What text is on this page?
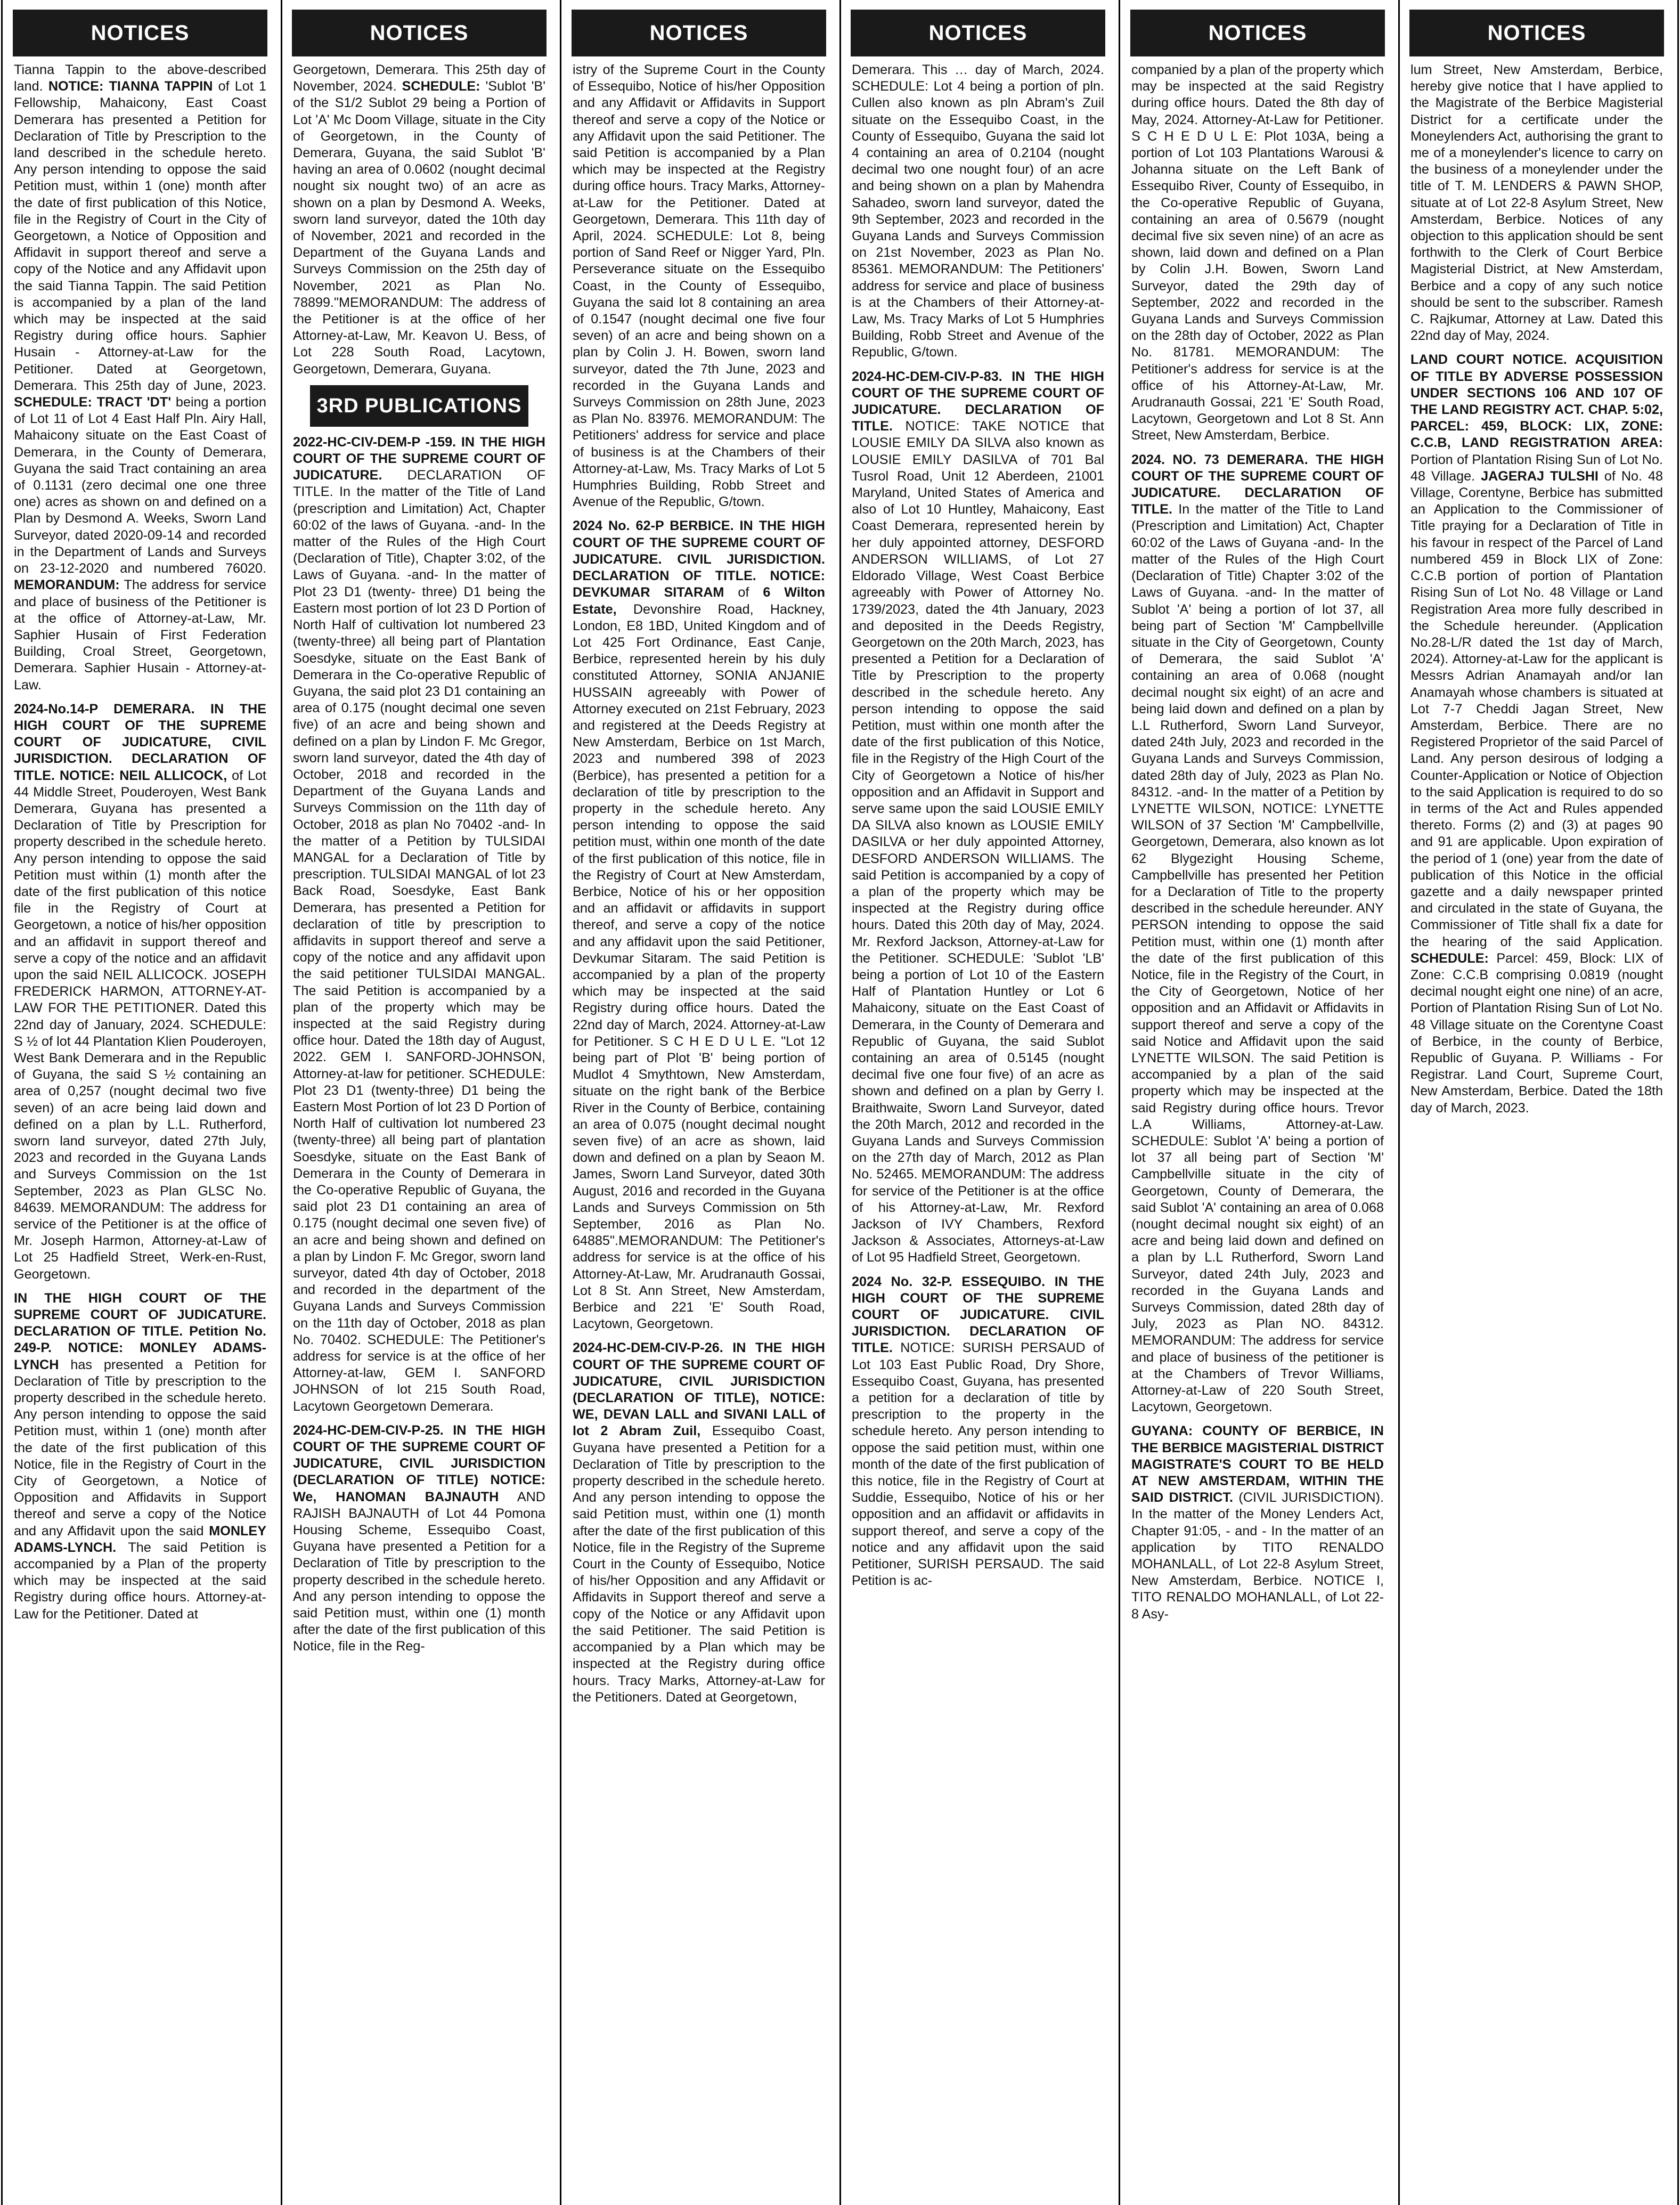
NOTICES

Tianna Tappin to the above-described land. NOTICE: TIANNA TAPPIN of Lot 1 Fellowship, Mahaicony, East Coast Demerara has presented a Petition for Declaration of Title by Prescription to the land described in the schedule hereto. Any person intending to oppose the said Petition must, within 1 (one) month after the date of first publication of this Notice, file in the Registry of Court in the City of Georgetown, a Notice of Opposition and Affidavit in support thereof and serve a copy of the Notice and any Affidavit upon the said Tianna Tappin. The said Petition is accompanied by a plan of the land which may be inspected at the said Registry during office hours. Saphier Husain - Attorney-at-Law for the Petitioner. Dated at Georgetown, Demerara. This 25th day of June, 2023. SCHEDULE: TRACT 'DT' being a portion of Lot 11 of Lot 4 East Half Pln. Airy Hall, Mahaicony situate on the East Coast of Demerara, in the County of Demerara, Guyana the said Tract containing an area of 0.1131 (zero decimal one one three one) acres as shown on and defined on a Plan by Desmond A. Weeks, Sworn Land Surveyor, dated 2020-09-14 and recorded in the Department of Lands and Surveys on 23-12-2020 and numbered 76020. MEMORANDUM: The address for service and place of business of the Petitioner is at the office of Attorney-at-Law, Mr. Saphier Husain of First Federation Building, Croal Street, Georgetown, Demerara. Saphier Husain - Attorney-at-Law.

2024-No.14-P DEMERARA. IN THE HIGH COURT OF THE SUPREME COURT OF JUDICATURE, CIVIL JURISDICTION. DECLARATION OF TITLE. NOTICE: NEIL ALLICOCK, of Lot 44 Middle Street, Pouderoyen, West Bank Demerara, Guyana has presented a Declaration of Title by Prescription for property described in the schedule hereto. Any person intending to oppose the said Petition must within (1) month after the date of the first publication of this notice file in the Registry of Court at Georgetown, a notice of his/her opposition and an affidavit in support thereof and serve a copy of the notice and an affidavit upon the said NEIL ALLICOCK. JOSEPH FREDERICK HARMON, ATTORNEY-AT-LAW FOR THE PETITIONER. Dated this 22nd day of January, 2024. SCHEDULE: S ½ of lot 44 Plantation Klien Pouderoyen, West Bank Demerara and in the Republic of Guyana, the said S ½ containing an area of 0,257 (nought decimal two five seven) of an acre being laid down and defined on a plan by L.L. Rutherford, sworn land surveyor, dated 27th July, 2023 and recorded in the Guyana Lands and Surveys Commission on the 1st September, 2023 as Plan GLSC No. 84639. MEMORANDUM: The address for service of the Petitioner is at the office of Mr. Joseph Harmon, Attorney-at-Law of Lot 25 Hadfield Street, Werk-en-Rust, Georgetown.

IN THE HIGH COURT OF THE SUPREME COURT OF JUDICATURE. DECLARATION OF TITLE. Petition No. 249-P. NOTICE: MONLEY ADAMS-LYNCH has presented a Petition for Declaration of Title by prescription to the property described in the schedule hereto. Any person intending to oppose the said Petition must, within 1 (one) month after the date of the first publication of this Notice, file in the Registry of Court in the City of Georgetown, a Notice of Opposition and Affidavits in Support thereof and serve a copy of the Notice and any Affidavit upon the said MONLEY ADAMS-LYNCH. The said Petition is accompanied by a Plan of the property which may be inspected at the said Registry during office hours. Attorney-at-Law for the Petitioner. Dated at

NOTICES

Georgetown, Demerara. This 25th day of November, 2024. SCHEDULE: 'Sublot 'B' of the S1/2 Sublot 29 being a Portion of Lot 'A' Mc Doom Village, situate in the City of Georgetown, in the County of Demerara, Guyana, the said Sublot 'B' having an area of 0.0602 (nought decimal nought six nought two) of an acre as shown on a plan by Desmond A. Weeks, sworn land surveyor, dated the 10th day of November, 2021 and recorded in the Department of the Guyana Lands and Surveys Commission on the 25th day of November, 2021 as Plan No. 78899."MEMORANDUM: The address of the Petitioner is at the office of her Attorney-at-Law, Mr. Keavon U. Bess, of Lot 228 South Road, Lacytown, Georgetown, Demerara, Guyana.

3RD PUBLICATIONS

2022-HC-CIV-DEM-P -159. IN THE HIGH COURT OF THE SUPREME COURT OF JUDICATURE. DECLARATION OF TITLE. In the matter of the Title of Land (prescription and Limitation) Act, Chapter 60:02 of the laws of Guyana. -and- In the matter of the Rules of the High Court (Declaration of Title), Chapter 3:02, of the Laws of Guyana. -and- In the matter of Plot 23 D1 (twenty- three) D1 being the Eastern most portion of lot 23 D Portion of North Half of cultivation lot numbered 23 (twenty-three) all being part of Plantation Soesdyke, situate on the East Bank of Demerara in the Co-operative Republic of Guyana, the said plot 23 D1 containing an area of 0.175 (nought decimal one seven five) of an acre and being shown and defined on a plan by Lindon F. Mc Gregor, sworn land surveyor, dated the 4th day of October, 2018 and recorded in the Department of the Guyana Lands and Surveys Commission on the 11th day of October, 2018 as plan No 70402 -and- In the matter of a Petition by TULSIDAI MANGAL for a Declaration of Title by prescription. TULSIDAI MANGAL of lot 23 Back Road, Soesdyke, East Bank Demerara, has presented a Petition for declaration of title by prescription to affidavits in support thereof and serve a copy of the notice and any affidavit upon the said petitioner TULSIDAI MANGAL. The said Petition is accompanied by a plan of the property which may be inspected at the said Registry during office hour. Dated the 18th day of August, 2022. GEM I. SANFORD-JOHNSON, Attorney-at-law for petitioner. SCHEDULE: Plot 23 D1 (twenty-three) D1 being the Eastern Most Portion of lot 23 D Portion of North Half of cultivation lot numbered 23 (twenty-three) all being part of plantation Soesdyke, situate on the East Bank of Demerara in the County of Demerara in the Co-operative Republic of Guyana, the said plot 23 D1 containing an area of 0.175 (nought decimal one seven five) of an acre and being shown and defined on a plan by Lindon F. Mc Gregor, sworn land surveyor, dated 4th day of October, 2018 and recorded in the department of the Guyana Lands and Surveys Commission on the 11th day of October, 2018 as plan No. 70402. SCHEDULE: The Petitioner's address for service is at the office of her Attorney-at-law, GEM I. SANFORD JOHNSON of lot 215 South Road, Lacytown Georgetown Demerara.

2024-HC-DEM-CIV-P-25. IN THE HIGH COURT OF THE SUPREME COURT OF JUDICATURE, CIVIL JURISDICTION (DECLARATION OF TITLE) NOTICE: We, HANOMAN BAJNAUTH AND RAJISH BAJNAUTH of Lot 44 Pomona Housing Scheme, Essequibo Coast, Guyana have presented a Petition for a Declaration of Title by prescription to the property described in the schedule hereto. And any person intending to oppose the said Petition must, within one (1) month after the date of the first publication of this Notice, file in the Reg-

NOTICES

istry of the Supreme Court in the County of Essequibo, Notice of his/her Opposition and any Affidavit or Affidavits in Support thereof and serve a copy of the Notice or any Affidavit upon the said Petitioner. The said Petition is accompanied by a Plan which may be inspected at the Registry during office hours. Tracy Marks, Attorney-at-Law for the Petitioner. Dated at Georgetown, Demerara. This 11th day of April, 2024. SCHEDULE: Lot 8, being portion of Sand Reef or Nigger Yard, Pln. Perseverance situate on the Essequibo Coast, in the County of Essequibo, Guyana the said lot 8 containing an area of 0.1547 (nought decimal one five four seven) of an acre and being shown on a plan by Colin J. H. Bowen, sworn land surveyor, dated the 7th June, 2023 and recorded in the Guyana Lands and Surveys Commission on 28th June, 2023 as Plan No. 83976. MEMORANDUM: The Petitioners' address for service and place of business is at the Chambers of their Attorney-at-Law, Ms. Tracy Marks of Lot 5 Humphries Building, Robb Street and Avenue of the Republic, G/town.

2024 No. 62-P BERBICE. IN THE HIGH COURT OF THE SUPREME COURT OF JUDICATURE. CIVIL JURISDICTION. DECLARATION OF TITLE. NOTICE: DEVKUMAR SITARAM of 6 Wilton Estate, Devonshire Road, Hackney, London, E8 1BD, United Kingdom and of Lot 425 Fort Ordinance, East Canje, Berbice, represented herein by his duly constituted Attorney, SONIA ANJANIE HUSSAIN agreeably with Power of Attorney executed on 21st February, 2023 and registered at the Deeds Registry at New Amsterdam, Berbice on 1st March, 2023 and numbered 398 of 2023 (Berbice), has presented a petition for a declaration of title by prescription to the property in the schedule hereto. Any person intending to oppose the said petition must, within one month of the date of the first publication of this notice, file in the Registry of Court at New Amsterdam, Berbice, Notice of his or her opposition and an affidavit or affidavits in support thereof, and serve a copy of the notice and any affidavit upon the said Petitioner, Devkumar Sitaram. The said Petition is accompanied by a plan of the property which may be inspected at the said Registry during office hours. Dated the 22nd day of March, 2024. Attorney-at-Law for Petitioner. S C H E D U L E. "Lot 12 being part of Plot 'B' being portion of Mudlot 4 Smythtown, New Amsterdam, situate on the right bank of the Berbice River in the County of Berbice, containing an area of 0.075 (nought decimal nought seven five) of an acre as shown, laid down and defined on a plan by Seaon M. James, Sworn Land Surveyor, dated 30th August, 2016 and recorded in the Guyana Lands and Surveys Commission on 5th September, 2016 as Plan No. 64885".MEMORANDUM: The Petitioner's address for service is at the office of his Attorney-At-Law, Mr. Arudranauth Gossai, Lot 8 St. Ann Street, New Amsterdam, Berbice and 221 'E' South Road, Lacytown, Georgetown.

2024-HC-DEM-CIV-P-26. IN THE HIGH COURT OF THE SUPREME COURT OF JUDICATURE, CIVIL JURISDICTION (DECLARATION OF TITLE), NOTICE: WE, DEVAN LALL and SIVANI LALL of lot 2 Abram Zuil, Essequibo Coast, Guyana have presented a Petition for a Declaration of Title by prescription to the property described in the schedule hereto. And any person intending to oppose the said Petition must, within one (1) month after the date of the first publication of this Notice, file in the Registry of the Supreme Court in the County of Essequibo, Notice of his/her Opposition and any Affidavit or Affidavits in Support thereof and serve a copy of the Notice or any Affidavit upon the said Petitioner. The said Petition is accompanied by a Plan which may be inspected at the Registry during office hours. Tracy Marks, Attorney-at-Law for the Petitioners. Dated at Georgetown,

NOTICES

Demerara. This … day of March, 2024. SCHEDULE: Lot 4 being a portion of pln. Cullen also known as pln Abram's Zuil situate on the Essequibo Coast, in the County of Essequibo, Guyana the said lot 4 containing an area of 0.2104 (nought decimal two one nought four) of an acre and being shown on a plan by Mahendra Sahadeo, sworn land surveyor, dated the 9th September, 2023 and recorded in the Guyana Lands and Surveys Commission on 21st November, 2023 as Plan No. 85361. MEMORANDUM: The Petitioners' address for service and place of business is at the Chambers of their Attorney-at-Law, Ms. Tracy Marks of Lot 5 Humphries Building, Robb Street and Avenue of the Republic, G/town.

2024-HC-DEM-CIV-P-83. IN THE HIGH COURT OF THE SUPREME COURT OF JUDICATURE. DECLARATION OF TITLE. NOTICE: TAKE NOTICE that LOUSIE EMILY DA SILVA also known as LOUSIE EMILY DASILVA of 701 Bal Tusrol Road, Unit 12 Aberdeen, 21001 Maryland, United States of America and also of Lot 10 Huntley, Mahaicony, East Coast Demerara, represented herein by her duly appointed attorney, DESFORD ANDERSON WILLIAMS, of Lot 27 Eldorado Village, West Coast Berbice agreeably with Power of Attorney No. 1739/2023, dated the 4th January, 2023 and deposited in the Deeds Registry, Georgetown on the 20th March, 2023, has presented a Petition for a Declaration of Title by Prescription to the property described in the schedule hereto. Any person intending to oppose the said Petition, must within one month after the date of the first publication of this Notice, file in the Registry of the High Court of the City of Georgetown a Notice of his/her opposition and an Affidavit in Support and serve same upon the said LOUSIE EMILY DA SILVA also known as LOUSIE EMILY DASILVA or her duly appointed Attorney, DESFORD ANDERSON WILLIAMS. The said Petition is accompanied by a copy of a plan of the property which may be inspected at the Registry during office hours. Dated this 20th day of May, 2024. Mr. Rexford Jackson, Attorney-at-Law for the Petitioner. SCHEDULE: 'Sublot 'LB' being a portion of Lot 10 of the Eastern Half of Plantation Huntley or Lot 6 Mahaicony, situate on the East Coast of Demerara, in the County of Demerara and Republic of Guyana, the said Sublot containing an area of 0.5145 (nought decimal five one four five) of an acre as shown and defined on a plan by Gerry I. Braithwaite, Sworn Land Surveyor, dated the 20th March, 2012 and recorded in the Guyana Lands and Surveys Commission on the 27th day of March, 2012 as Plan No. 52465. MEMORANDUM: The address for service of the Petitioner is at the office of his Attorney-at-Law, Mr. Rexford Jackson of IVY Chambers, Rexford Jackson & Associates, Attorneys-at-Law of Lot 95 Hadfield Street, Georgetown.

2024 No. 32-P. ESSEQUIBO. IN THE HIGH COURT OF THE SUPREME COURT OF JUDICATURE. CIVIL JURISDICTION. DECLARATION OF TITLE. NOTICE: SURISH PERSAUD of Lot 103 East Public Road, Dry Shore, Essequibo Coast, Guyana, has presented a petition for a declaration of title by prescription to the property in the schedule hereto. Any person intending to oppose the said petition must, within one month of the date of the first publication of this notice, file in the Registry of Court at Suddie, Essequibo, Notice of his or her opposition and an affidavit or affidavits in support thereof, and serve a copy of the notice and any affidavit upon the said Petitioner, SURISH PERSAUD. The said Petition is ac-

NOTICES

companied by a plan of the property which may be inspected at the said Registry during office hours. Dated the 8th day of May, 2024. Attorney-At-Law for Petitioner. S C H E D U L E: Plot 103A, being a portion of Lot 103 Plantations Warousi & Johanna situate on the Left Bank of Essequibo River, County of Essequibo, in the Co-operative Republic of Guyana, containing an area of 0.5679 (nought decimal five six seven nine) of an acre as shown, laid down and defined on a Plan by Colin J.H. Bowen, Sworn Land Surveyor, dated the 29th day of September, 2022 and recorded in the Guyana Lands and Surveys Commission on the 28th day of October, 2022 as Plan No. 81781. MEMORANDUM: The Petitioner's address for service is at the office of his Attorney-At-Law, Mr. Arudranauth Gossai, 221 'E' South Road, Lacytown, Georgetown and Lot 8 St. Ann Street, New Amsterdam, Berbice.

2024. NO. 73 DEMERARA. THE HIGH COURT OF THE SUPREME COURT OF JUDICATURE. DECLARATION OF TITLE. In the matter of the Title to Land (Prescription and Limitation) Act, Chapter 60:02 of the Laws of Guyana -and- In the matter of the Rules of the High Court (Declaration of Title) Chapter 3:02 of the Laws of Guyana. -and- In the matter of Sublot 'A' being a portion of lot 37, all being part of Section 'M' Campbellville situate in the City of Georgetown, County of Demerara, the said Sublot 'A' containing an area of 0.068 (nought decimal nought six eight) of an acre and being laid down and defined on a plan by L.L Rutherford, Sworn Land Surveyor, dated 24th July, 2023 and recorded in the Guyana Lands and Surveys Commission, dated 28th day of July, 2023 as Plan No. 84312. -and- In the matter of a Petition by LYNETTE WILSON, NOTICE: LYNETTE WILSON of 37 Section 'M' Campbellville, Georgetown, Demerara, also known as lot 62 Blygezight Housing Scheme, Campbellville has presented her Petition for a Declaration of Title to the property described in the schedule hereunder. ANY PERSON intending to oppose the said Petition must, within one (1) month after the date of the first publication of this Notice, file in the Registry of the Court, in the City of Georgetown, Notice of her opposition and an Affidavit or Affidavits in support thereof and serve a copy of the said Notice and Affidavit upon the said LYNETTE WILSON. The said Petition is accompanied by a plan of the said property which may be inspected at the said Registry during office hours. Trevor L.A Williams, Attorney-at-Law. SCHEDULE: Sublot 'A' being a portion of lot 37 all being part of Section 'M' Campbellville situate in the city of Georgetown, County of Demerara, the said Sublot 'A' containing an area of 0.068 (nought decimal nought six eight) of an acre and being laid down and defined on a plan by L.L Rutherford, Sworn Land Surveyor, dated 24th July, 2023 and recorded in the Guyana Lands and Surveys Commission, dated 28th day of July, 2023 as Plan NO. 84312. MEMORANDUM: The address for service and place of business of the petitioner is at the Chambers of Trevor Williams, Attorney-at-Law of 220 South Street, Lacytown, Georgetown.

GUYANA: COUNTY OF BERBICE, IN THE BERBICE MAGISTERIAL DISTRICT MAGISTRATE'S COURT TO BE HELD AT NEW AMSTERDAM, WITHIN THE SAID DISTRICT. (CIVIL JURISDICTION). In the matter of the Money Lenders Act, Chapter 91:05, - and - In the matter of an application by TITO RENALDO MOHANLALL, of Lot 22-8 Asylum Street, New Amsterdam, Berbice. NOTICE I, TITO RENALDO MOHANLALL, of Lot 22-8 Asy-

NOTICES

lum Street, New Amsterdam, Berbice, hereby give notice that I have applied to the Magistrate of the Berbice Magisterial District for a certificate under the Moneylenders Act, authorising the grant to me of a moneylender's licence to carry on the business of a moneylender under the title of T. M. LENDERS & PAWN SHOP, situate at of Lot 22-8 Asylum Street, New Amsterdam, Berbice. Notices of any objection to this application should be sent forthwith to the Clerk of Court Berbice Magisterial District, at New Amsterdam, Berbice and a copy of any such notice should be sent to the subscriber. Ramesh C. Rajkumar, Attorney at Law. Dated this 22nd day of May, 2024.

LAND COURT NOTICE. ACQUISITION OF TITLE BY ADVERSE POSSESSION UNDER SECTIONS 106 AND 107 OF THE LAND REGISTRY ACT. CHAP. 5:02, PARCEL: 459, BLOCK: LIX, ZONE: C.C.B, LAND REGISTRATION AREA: Portion of Plantation Rising Sun of Lot No. 48 Village. JAGERAJ TULSHI of No. 48 Village, Corentyne, Berbice has submitted an Application to the Commissioner of Title praying for a Declaration of Title in his favour in respect of the Parcel of Land numbered 459 in Block LIX of Zone: C.C.B portion of portion of Plantation Rising Sun of Lot No. 48 Village or Land Registration Area more fully described in the Schedule hereunder. (Application No.28-L/R dated the 1st day of March, 2024). Attorney-at-Law for the applicant is Messrs Adrian Anamayah and/or Ian Anamayah whose chambers is situated at Lot 7-7 Cheddi Jagan Street, New Amsterdam, Berbice. There are no Registered Proprietor of the said Parcel of Land. Any person desirous of lodging a Counter-Application or Notice of Objection to the said Application is required to do so in terms of the Act and Rules appended thereto. Forms (2) and (3) at pages 90 and 91 are applicable. Upon expiration of the period of 1 (one) year from the date of publication of this Notice in the official gazette and a daily newspaper printed and circulated in the state of Guyana, the Commissioner of Title shall fix a date for the hearing of the said Application. SCHEDULE: Parcel: 459, Block: LIX of Zone: C.C.B comprising 0.0819 (nought decimal nought eight one nine) of an acre, Portion of Plantation Rising Sun of Lot No. 48 Village situate on the Corentyne Coast of Berbice, in the county of Berbice, Republic of Guyana. P. Williams - For Registrar. Land Court, Supreme Court, New Amsterdam, Berbice. Dated the 18th day of March, 2023.
